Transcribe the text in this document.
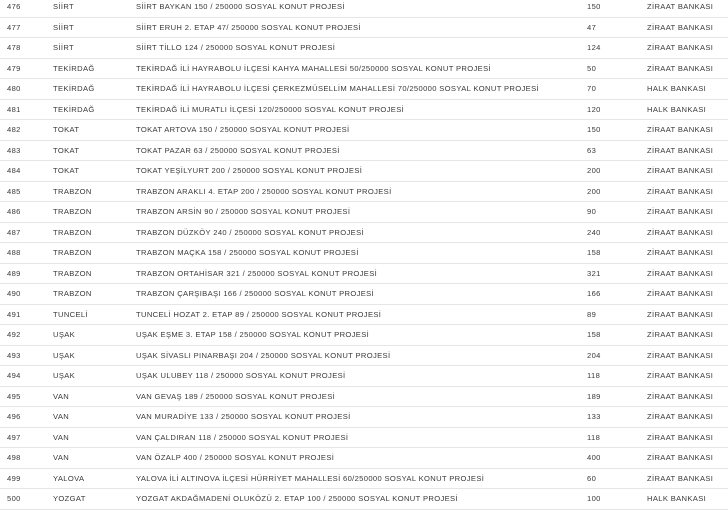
476	SİİRT	SİİRT BAYKAN 150 / 250000 SOSYAL KONUT PROJESİ	150	ZİRAAT BANKASI
477	SİİRT	SİİRT ERUH 2. ETAP 47/ 250000 SOSYAL KONUT PROJESİ	47	ZİRAAT BANKASI
478	SİİRT	SİİRT TİLLO 124 / 250000 SOSYAL KONUT PROJESİ	124	ZİRAAT BANKASI
479	TEKİRDAĞ	TEKİRDAĞ İLİ HAYRABOLU İLÇESİ KAHYA MAHALLESİ 50/250000 SOSYAL KONUT PROJESİ	50	ZİRAAT BANKASI
480	TEKİRDAĞ	TEKİRDAĞ İLİ HAYRABOLU İLÇESİ ÇERKEZMÜSELLİM MAHALLESİ 70/250000 SOSYAL KONUT PROJESİ	70	HALK BANKASI
481	TEKİRDAĞ	TEKİRDAĞ İLİ MURATLI İLÇESİ 120/250000 SOSYAL KONUT PROJESİ	120	HALK BANKASI
482	TOKAT	TOKAT ARTOVA 150 / 250000 SOSYAL KONUT PROJESİ	150	ZİRAAT BANKASI
483	TOKAT	TOKAT PAZAR 63 / 250000 SOSYAL KONUT PROJESİ	63	ZİRAAT BANKASI
484	TOKAT	TOKAT YEŞİLYURT 200 / 250000 SOSYAL KONUT PROJESİ	200	ZİRAAT BANKASI
485	TRABZON	TRABZON ARAKLI 4. ETAP 200 / 250000 SOSYAL KONUT PROJESİ	200	ZİRAAT BANKASI
486	TRABZON	TRABZON ARSİN 90 / 250000 SOSYAL KONUT PROJESİ	90	ZİRAAT BANKASI
487	TRABZON	TRABZON DÜZKÖY 240 / 250000 SOSYAL KONUT PROJESİ	240	ZİRAAT BANKASI
488	TRABZON	TRABZON MAÇKA 158 / 250000 SOSYAL KONUT PROJESİ	158	ZİRAAT BANKASI
489	TRABZON	TRABZON ORTAHİSAR 321 / 250000 SOSYAL KONUT PROJESİ	321	ZİRAAT BANKASI
490	TRABZON	TRABZON ÇARŞIBAŞI 166 / 250000 SOSYAL KONUT PROJESİ	166	ZİRAAT BANKASI
491	TUNCELİ	TUNCELİ HOZAT 2. ETAP 89 / 250000 SOSYAL KONUT PROJESİ	89	ZİRAAT BANKASI
492	UŞAK	UŞAK EŞME 3. ETAP 158 / 250000 SOSYAL KONUT PROJESİ	158	ZİRAAT BANKASI
493	UŞAK	UŞAK SİVASLI PINARBAŞI 204 / 250000 SOSYAL KONUT PROJESİ	204	ZİRAAT BANKASI
494	UŞAK	UŞAK ULUBEY 118 / 250000 SOSYAL KONUT PROJESİ	118	ZİRAAT BANKASI
495	VAN	VAN GEVAŞ 189 / 250000 SOSYAL KONUT PROJESİ	189	ZİRAAT BANKASI
496	VAN	VAN MURADİYE 133 / 250000 SOSYAL KONUT PROJESİ	133	ZİRAAT BANKASI
497	VAN	VAN ÇALDIRAN 118 / 250000 SOSYAL KONUT PROJESİ	118	ZİRAAT BANKASI
498	VAN	VAN ÖZALP 400 / 250000 SOSYAL KONUT PROJESİ	400	ZİRAAT BANKASI
499	YALOVA	YALOVA İLİ ALTINOVA İLÇESİ HÜRRİYET MAHALLESİ 60/250000 SOSYAL KONUT PROJESİ	60	ZİRAAT BANKASI
500	YOZGAT	YOZGAT AKDAĞMADENİ OLUKÖZÜ 2. ETAP 100 / 250000 SOSYAL KONUT PROJESİ	100	HALK BANKASI
